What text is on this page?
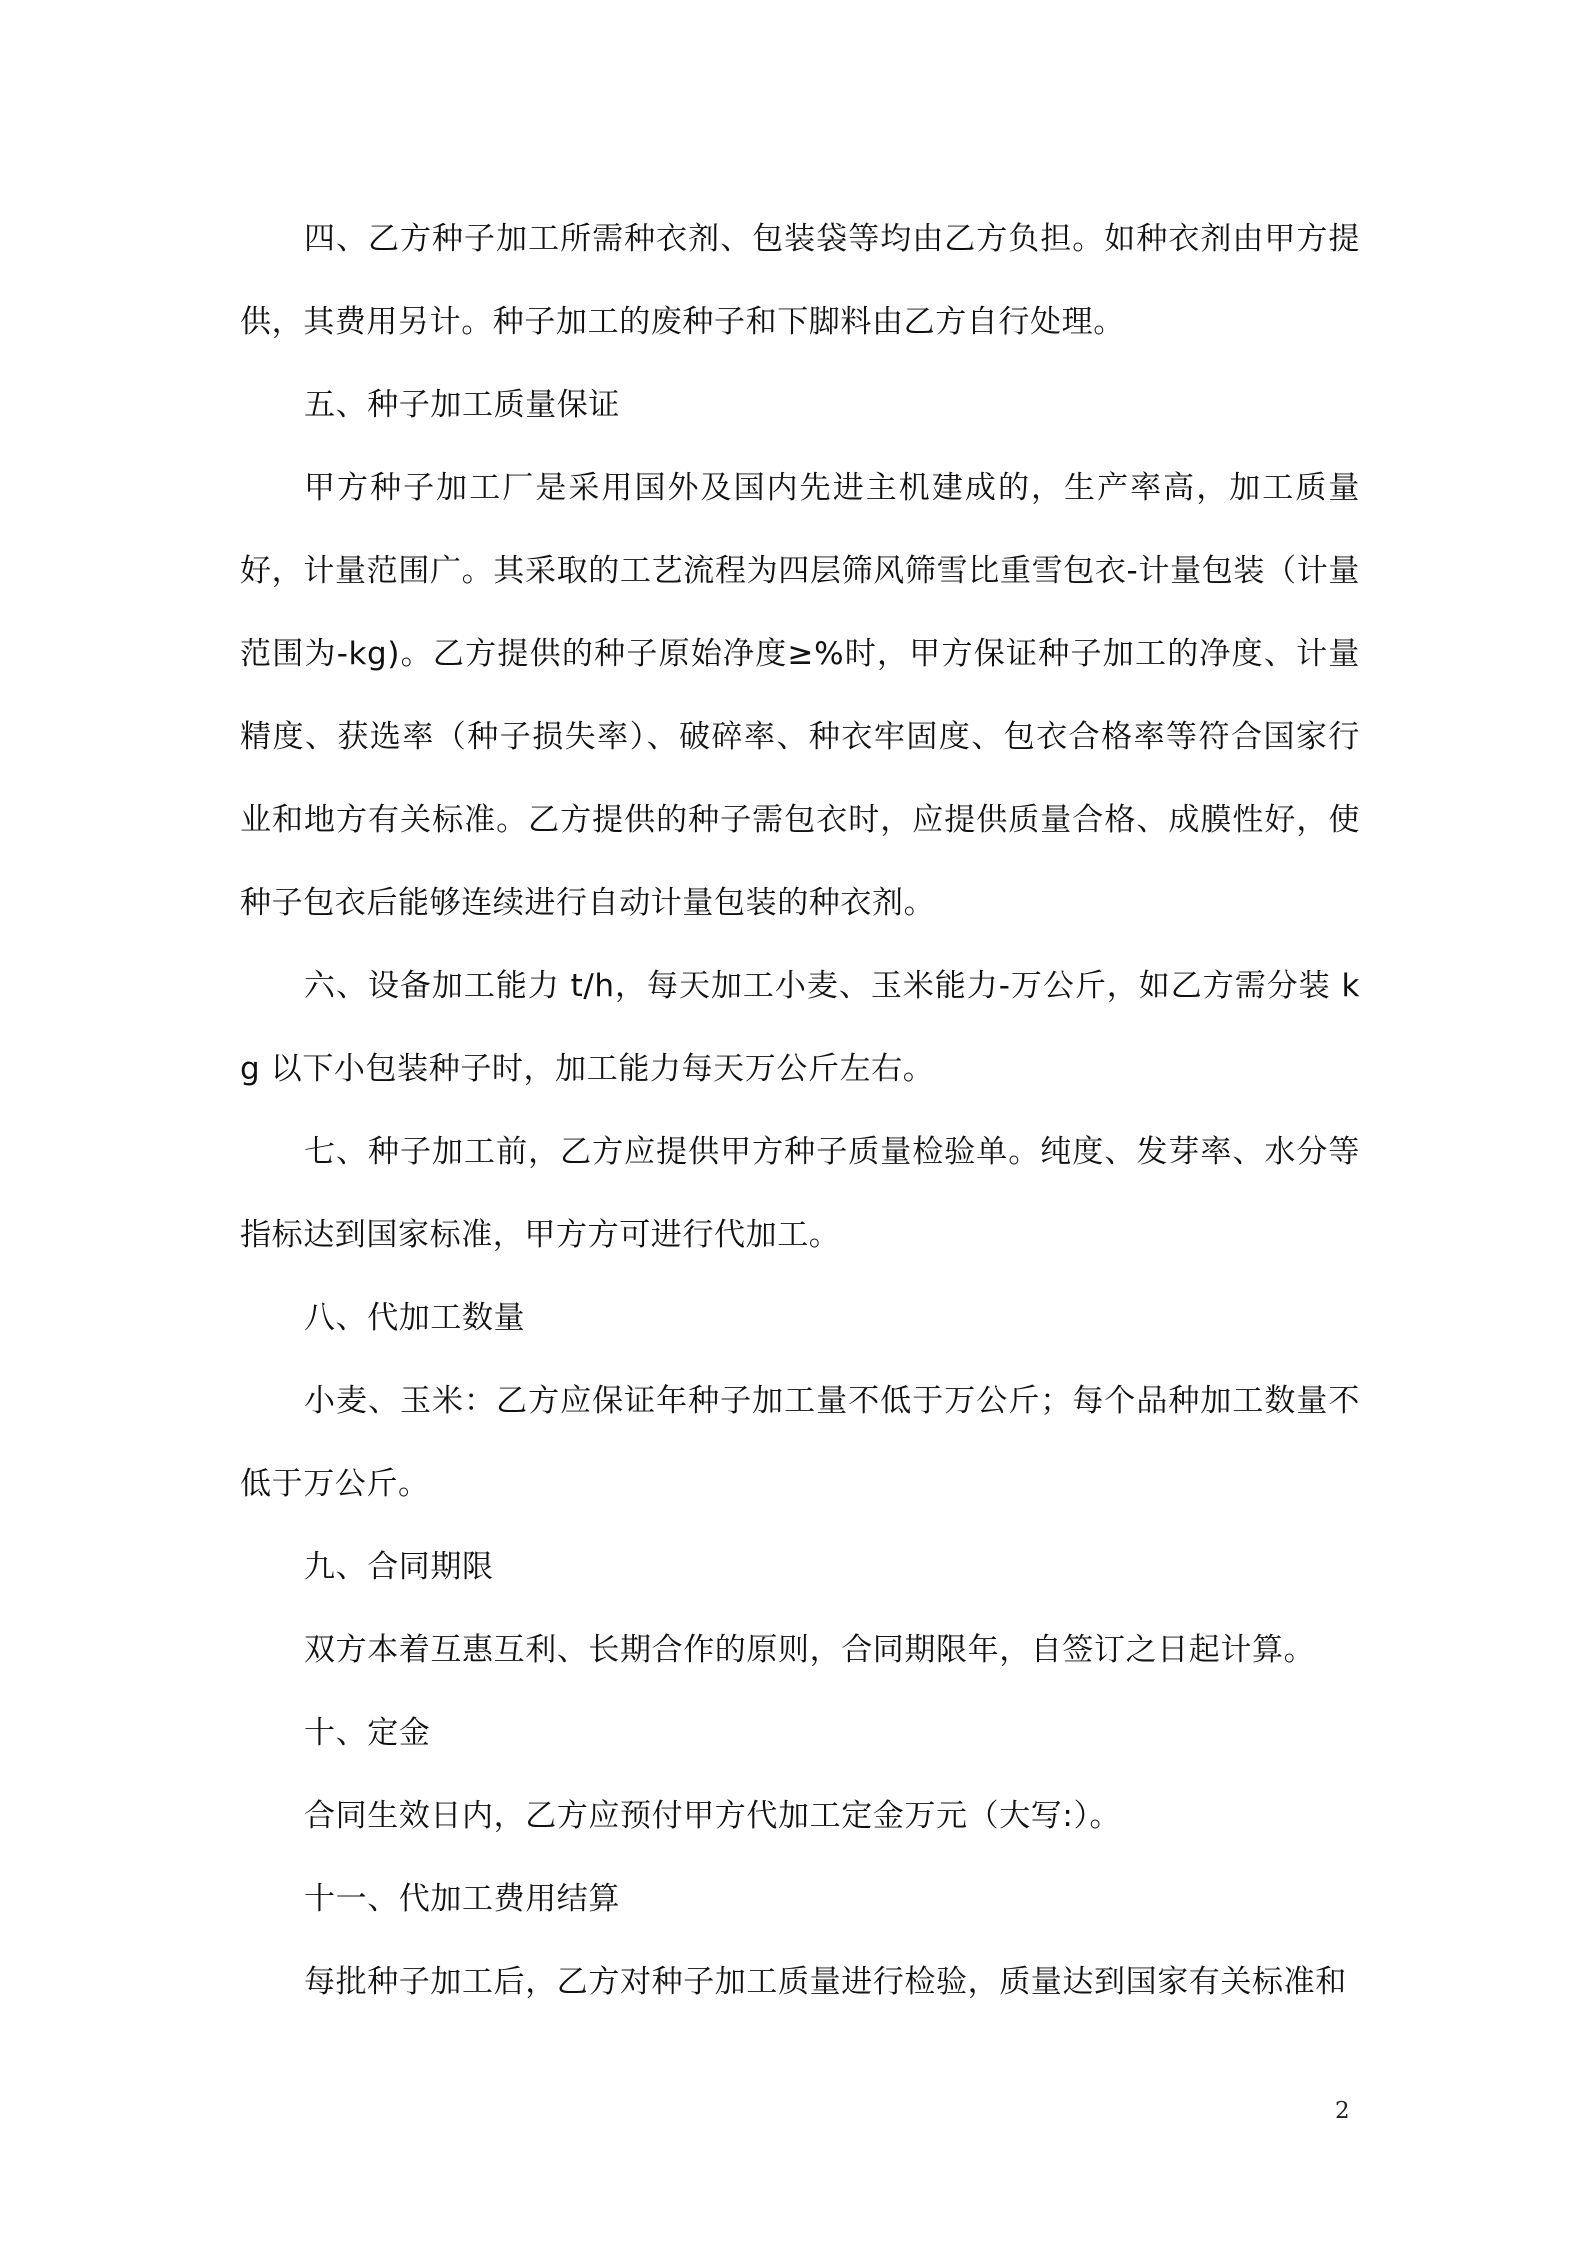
四、乙方种子加工所需种衣剂、包装袋等均由乙方负担。如种衣剂由甲方提供，其费用另计。种子加工的废种子和下脚料由乙方自行处理。

五、种子加工质量保证

甲方种子加工厂是采用国外及国内先进主机建成的，生产率高，加工质量好，计量范围广。其采取的工艺流程为四层筛风筛雪比重雪包衣-计量包装（计量范围为-kg)。乙方提供的种子原始净度≥%时，甲方保证种子加工的净度、计量精度、获选率（种子损失率）、破碎率、种衣牢固度、包衣合格率等符合国家行业和地方有关标准。乙方提供的种子需包衣时，应提供质量合格、成膜性好，使种子包衣后能够连续进行自动计量包装的种衣剂。

六、设备加工能力 t/h，每天加工小麦、玉米能力-万公斤，如乙方需分装 kg 以下小包装种子时，加工能力每天万公斤左右。

七、种子加工前，乙方应提供甲方种子质量检验单。纯度、发芽率、水分等指标达到国家标准，甲方方可进行代加工。

八、代加工数量

小麦、玉米：乙方应保证年种子加工量不低于万公斤；每个品种加工数量不低于万公斤。

九、合同期限

双方本着互惠互利、长期合作的原则，合同期限年，自签订之日起计算。

十、定金

合同生效日内，乙方应预付甲方代加工定金万元（大写:）。

十一、代加工费用结算

每批种子加工后，乙方对种子加工质量进行检验，质量达到国家有关标准和

2
